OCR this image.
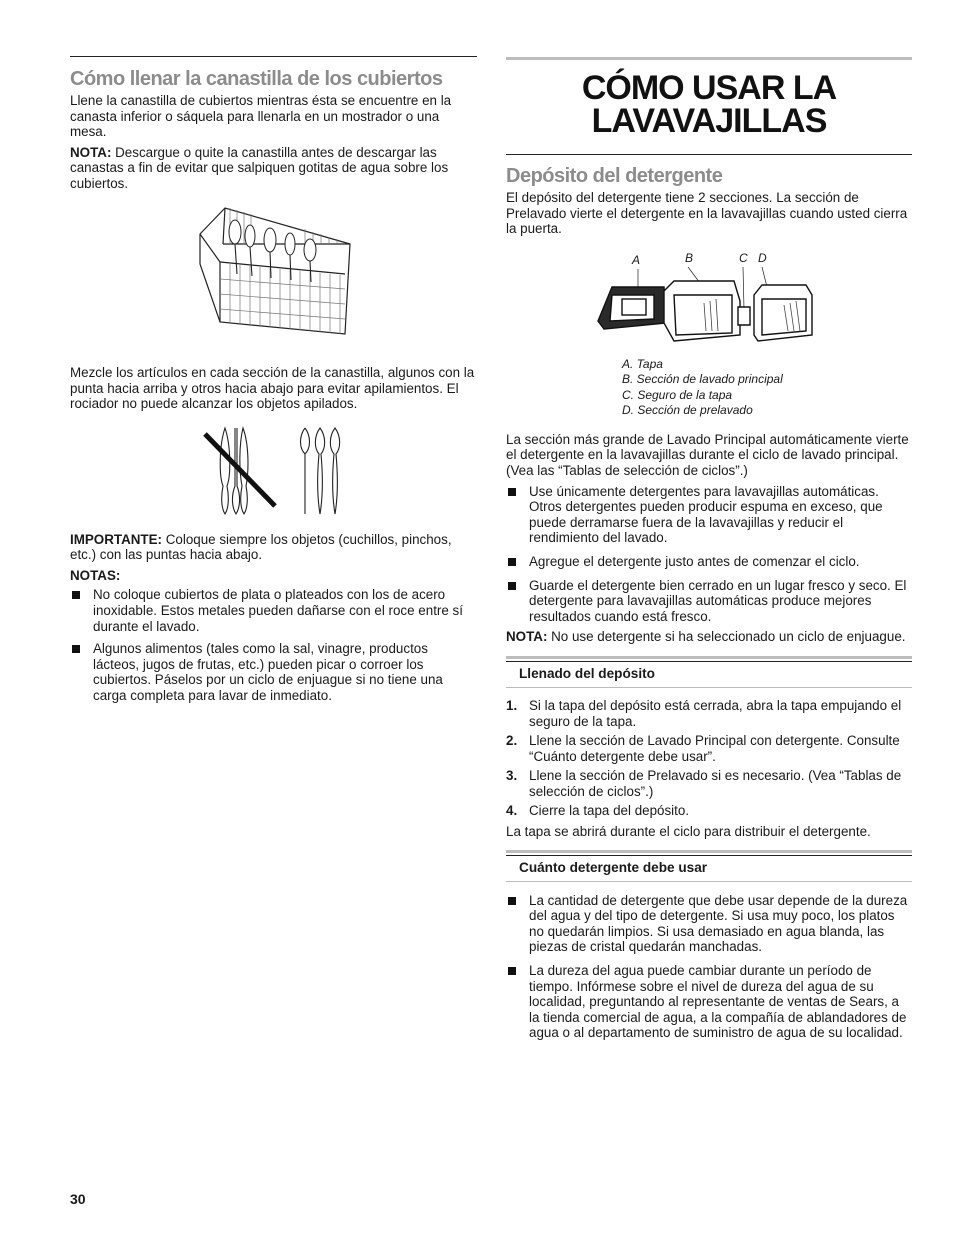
Cómo llenar la canastilla de los cubiertos

Llene la canastilla de cubiertos mientras ésta se encuentre en la canasta inferior o sáquela para llenarla en un mostrador o una mesa.

NOTA: Descargue o quite la canastilla antes de descargar las canastas a fin de evitar que salpiquen gotitas de agua sobre los cubiertos.

Mezcle los artículos en cada sección de la canastilla, algunos con la punta hacia arriba y otros hacia abajo para evitar apilamientos. El rociador no puede alcanzar los objetos apilados.

IMPORTANTE: Coloque siempre los objetos (cuchillos, pinchos, etc.) con las puntas hacia abajo.

NOTAS:

No coloque cubiertos de plata o plateados con los de acero inoxidable. Estos metales pueden dañarse con el roce entre sí durante el lavado.
Algunos alimentos (tales como la sal, vinagre, productos lácteos, jugos de frutas, etc.) pueden picar o corroer los cubiertos. Páselos por un ciclo de enjuague si no tiene una carga completa para lavar de inmediato.
CÓMO USAR LA
LAVAVAJILLAS
Depósito del detergente

El depósito del detergente tiene 2 secciones. La sección de Prelavado vierte el detergente en la lavavajillas cuando usted cierra la puerta.

A	B	C D
A. Tapa
B. Sección de lavado principal
C. Seguro de la tapa
D. Sección de prelavado

La sección más grande de Lavado Principal automáticamente vierte el detergente en la lavavajillas durante el ciclo de lavado principal. (Vea las “Tablas de selección de ciclos”.)

Use únicamente detergentes para lavavajillas automáticas. Otros detergentes pueden producir espuma en exceso, que puede derramarse fuera de la lavavajillas y reducir el rendimiento del lavado.
Agregue el detergente justo antes de comenzar el ciclo.
Guarde el detergente bien cerrado en un lugar fresco y seco. El detergente para lavavajillas automáticas produce mejores resultados cuando está fresco.

NOTA: No use detergente si ha seleccionado un ciclo de enjuague.

Llenado del depósito
1. Si la tapa del depósito está cerrada, abra la tapa empujando el seguro de la tapa.
2. Llene la sección de Lavado Principal con detergente. Consulte “Cuánto detergente debe usar”.
3. Llene la sección de Prelavado si es necesario. (Vea “Tablas de selección de ciclos”.)
4. Cierre la tapa del depósito.

La tapa se abrirá durante el ciclo para distribuir el detergente.

Cuánto detergente debe usar
La cantidad de detergente que debe usar depende de la dureza del agua y del tipo de detergente. Si usa muy poco, los platos no quedarán limpios. Si usa demasiado en agua blanda, las piezas de cristal quedarán manchadas.
La dureza del agua puede cambiar durante un período de tiempo. Infórmese sobre el nivel de dureza del agua de su localidad, preguntando al representante de ventas de Sears, a la tienda comercial de agua, a la compañía de ablandadores de agua o al departamento de suministro de agua de su localidad.
30
